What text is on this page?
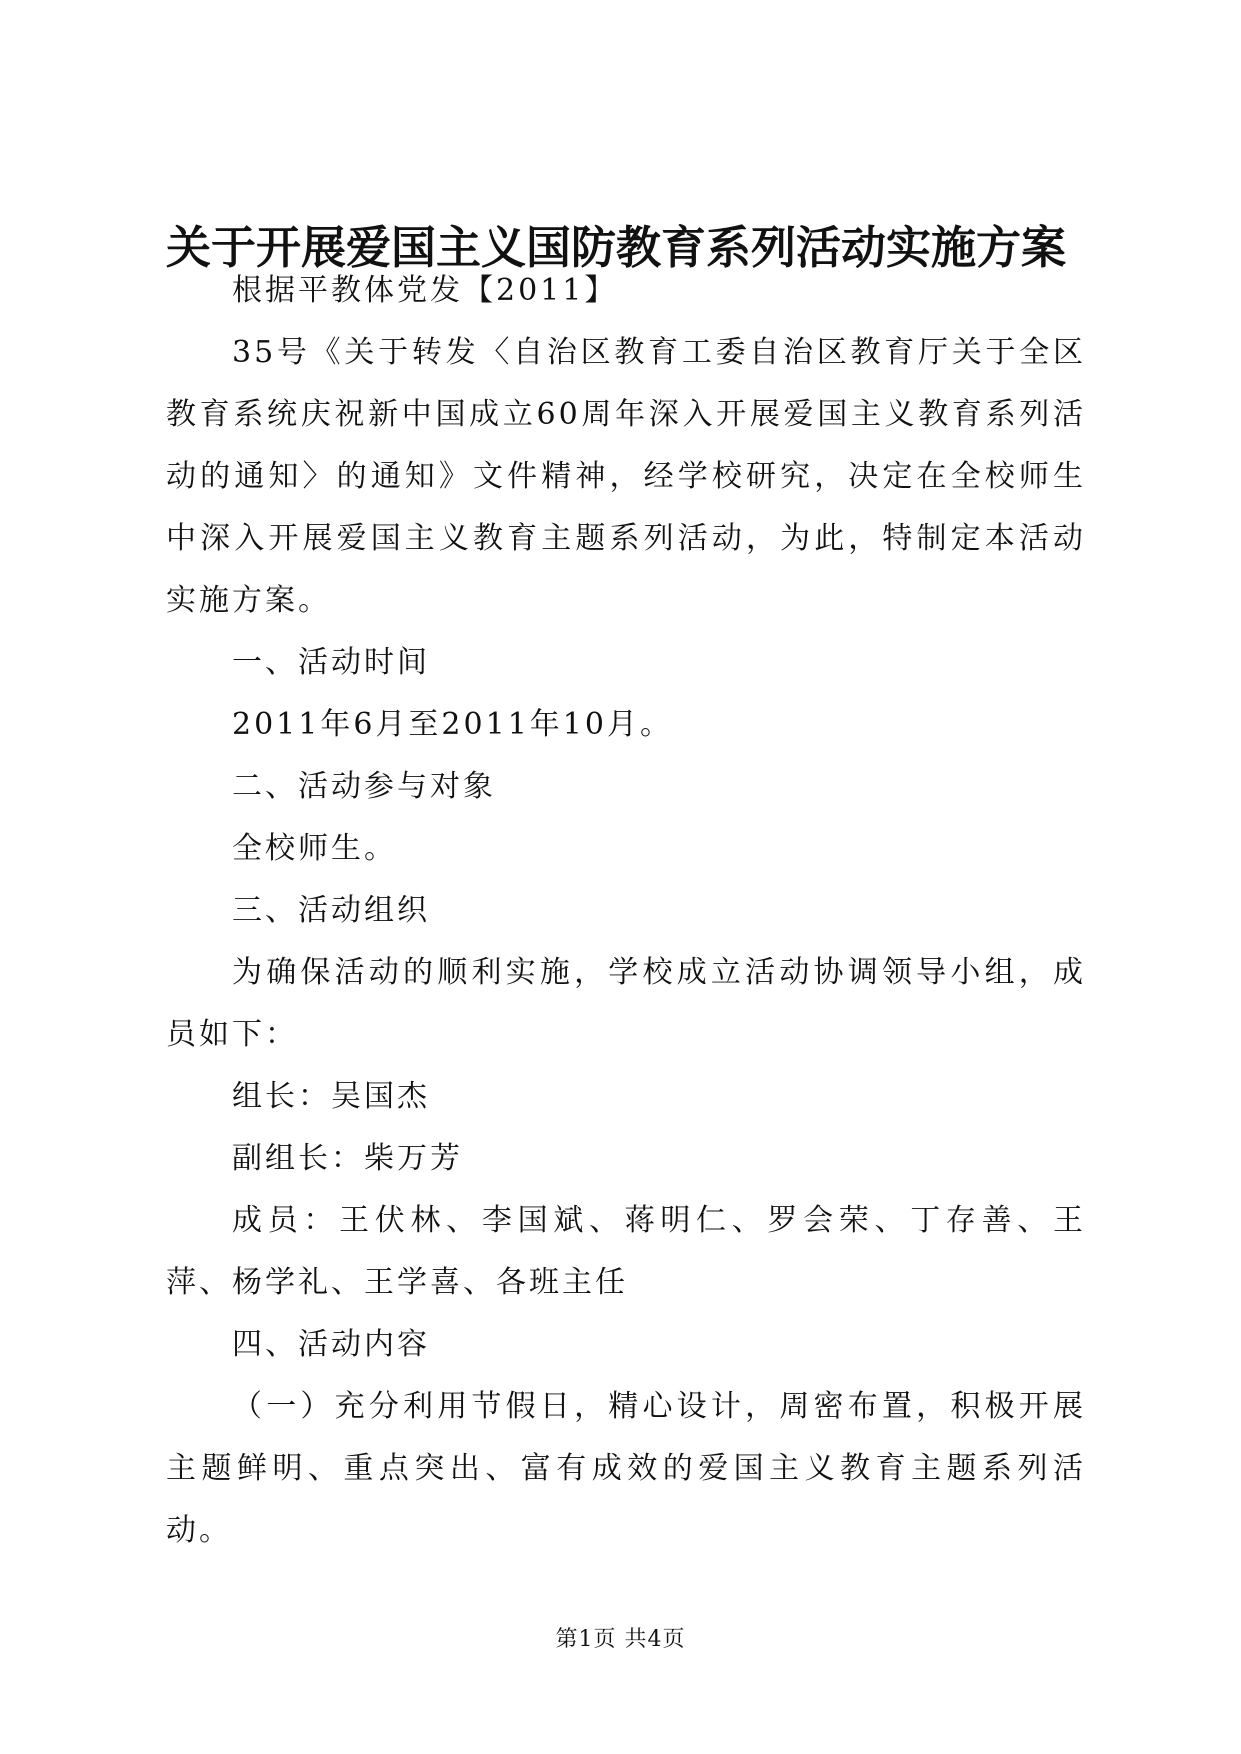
关于开展爱国主义国防教育系列活动实施方案

根据平教体党发【2011】

35号《关于转发〈自治区教育工委自治区教育厅关于全区教育系统庆祝新中国成立60周年深入开展爱国主义教育系列活动的通知〉的通知》文件精神，经学校研究，决定在全校师生中深入开展爱国主义教育主题系列活动，为此，特制定本活动实施方案。

一、活动时间

2011年6月至2011年10月。

二、活动参与对象

全校师生。

三、活动组织

为确保活动的顺利实施，学校成立活动协调领导小组，成员如下：

组长：吴国杰

副组长：柴万芳

成员：王伏林、李国斌、蒋明仁、罗会荣、丁存善、王萍、杨学礼、王学喜、各班主任

四、活动内容

（一）充分利用节假日，精心设计，周密布置，积极开展主题鲜明、重点突出、富有成效的爱国主义教育主题系列活动。

第1页 共4页
